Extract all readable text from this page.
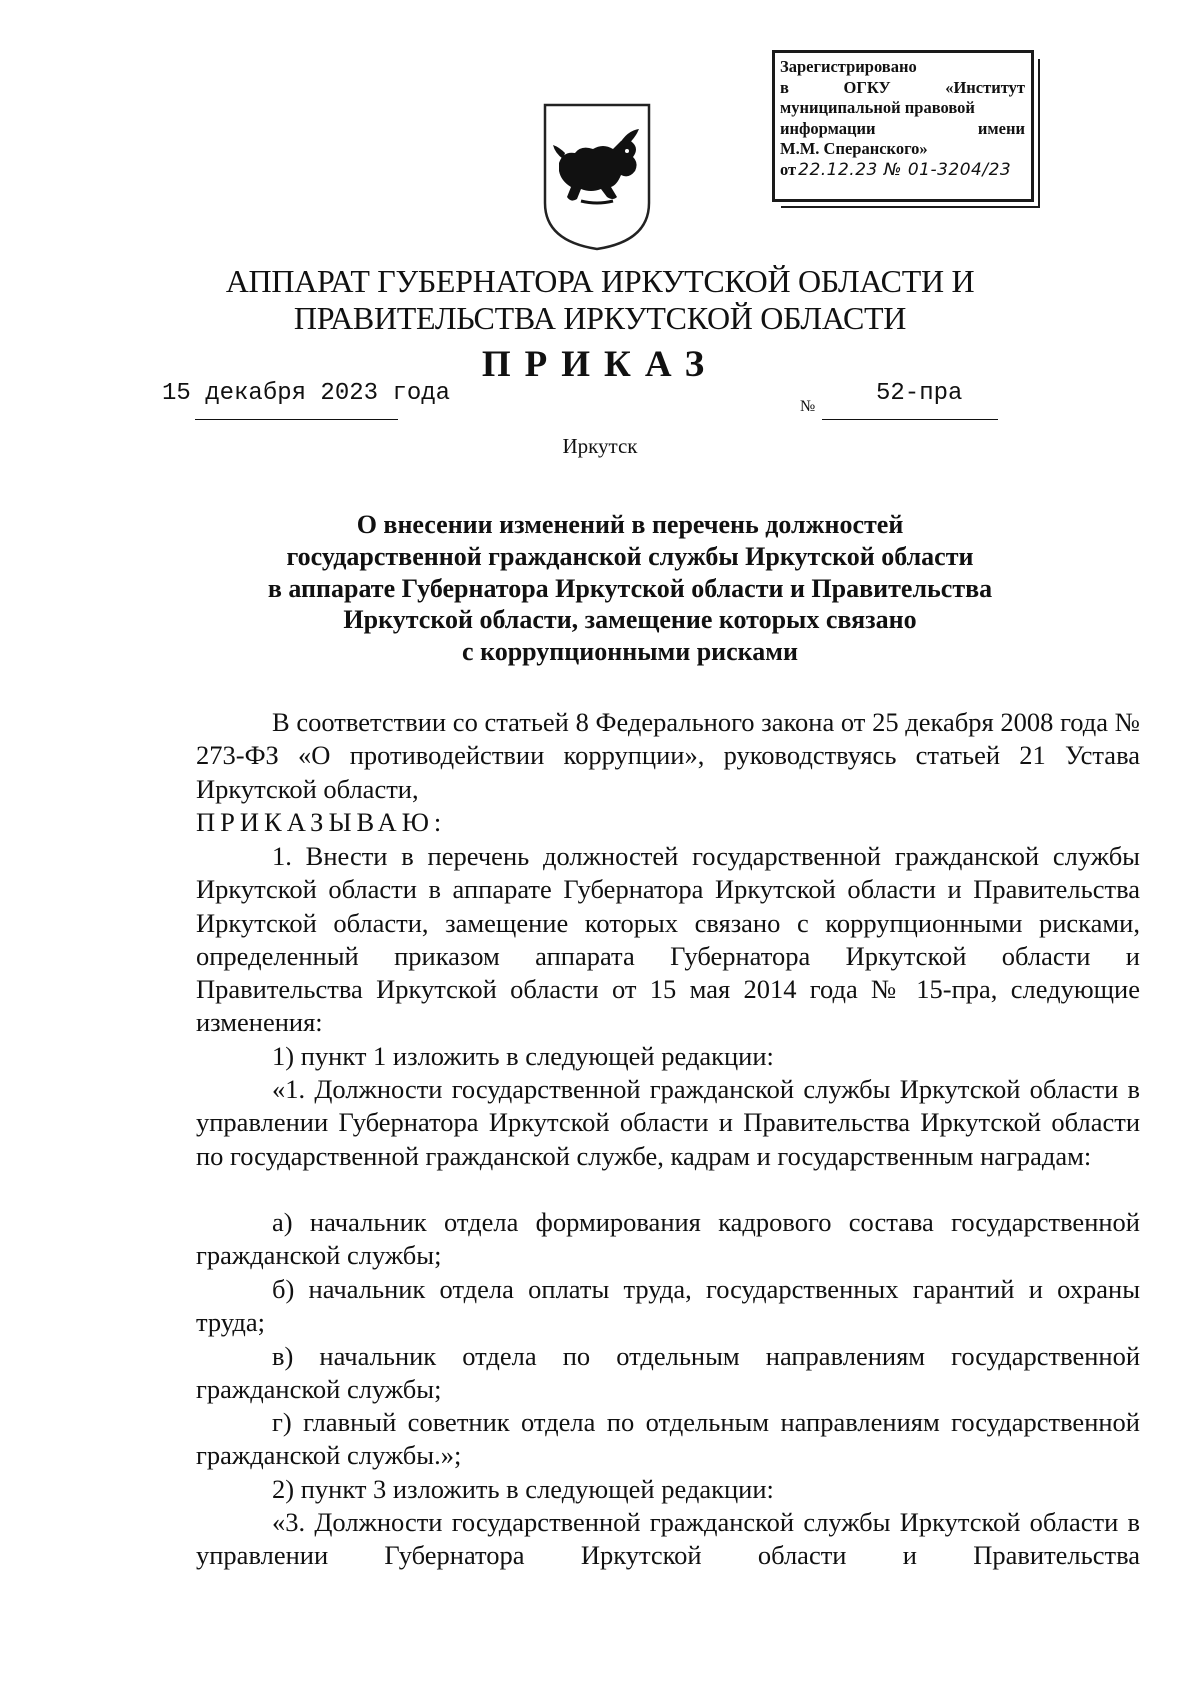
Зарегистрировано
в	ОГКУ	«Институт
муниципальной правовой
информации	имени
М.М. Сперанского»
от 22.12.23 № 01-3204/23
АППАРАТ ГУБЕРНАТОРА ИРКУТСКОЙ ОБЛАСТИ И
ПРАВИТЕЛЬСТВА ИРКУТСКОЙ ОБЛАСТИ
ПРИКАЗ
15 декабря 2023 года	№	52-пра
Иркутск
О внесении изменений в перечень должностей
государственной гражданской службы Иркутской области
в аппарате Губернатора Иркутской области и Правительства
Иркутской области, замещение которых связано
с коррупционными рисками
В соответствии со статьей 8 Федерального закона от 25 декабря 2008 года № 273-ФЗ «О противодействии коррупции», руководствуясь статьей 21 Устава Иркутской области,
ПРИКАЗЫВАЮ:
1. Внести в перечень должностей государственной гражданской службы Иркутской области в аппарате Губернатора Иркутской области и Правительства Иркутской области, замещение которых связано с коррупционными рисками, определенный приказом аппарата Губернатора Иркутской области и Правительства Иркутской области от 15 мая 2014 года № 15-пра, следующие изменения:
1) пункт 1 изложить в следующей редакции:
«1. Должности государственной гражданской службы Иркутской области в управлении Губернатора Иркутской области и Правительства Иркутской области по государственной гражданской службе, кадрам и государственным наградам:
а) начальник отдела формирования кадрового состава государственной гражданской службы;
б) начальник отдела оплаты труда, государственных гарантий и охраны труда;
в) начальник отдела по отдельным направлениям государственной гражданской службы;
г) главный советник отдела по отдельным направлениям государственной гражданской службы.»;
2) пункт 3 изложить в следующей редакции:
«3. Должности государственной гражданской службы Иркутской области в управлении Губернатора Иркутской области и Правительства
